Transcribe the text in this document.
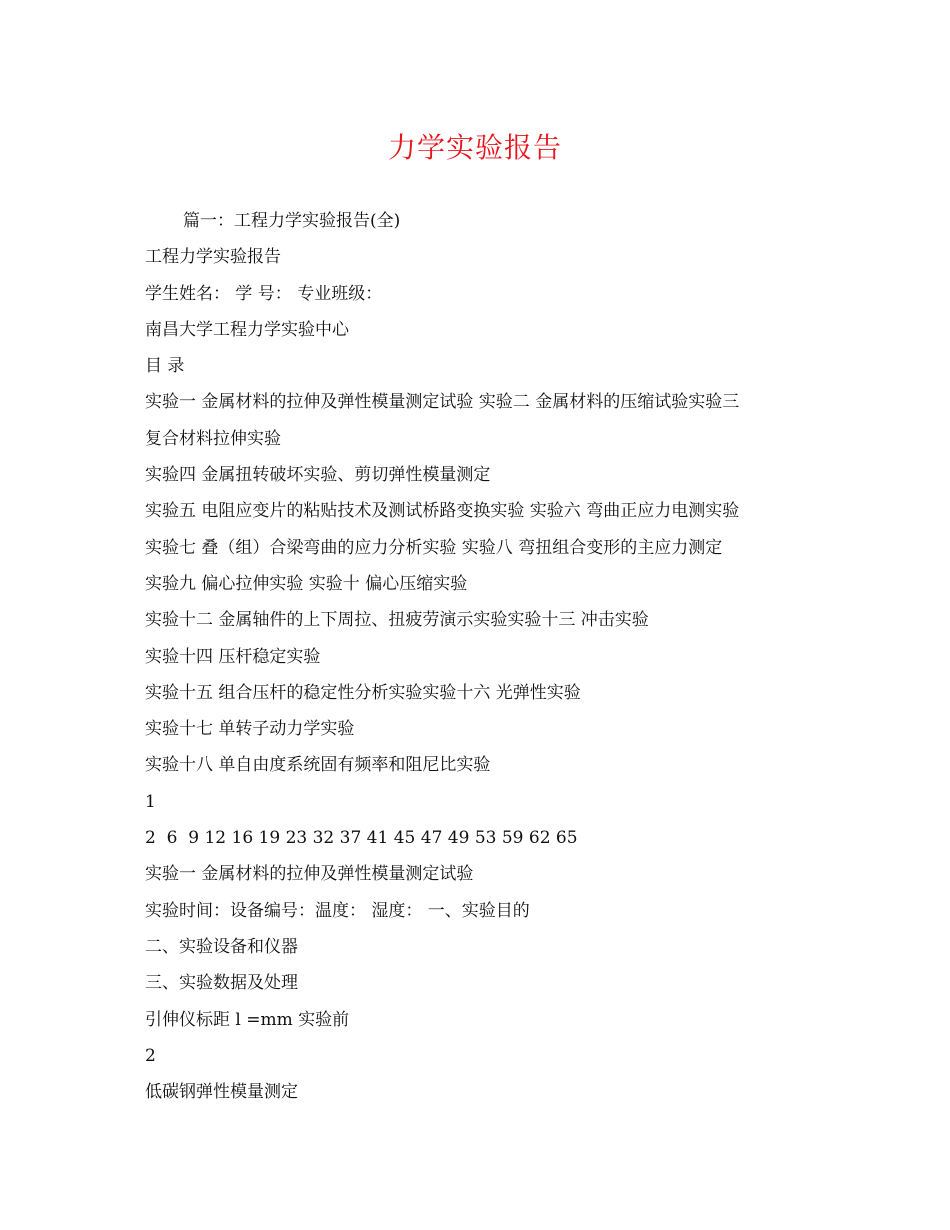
力学实验报告
篇一：工程力学实验报告(全)
工程力学实验报告
学生姓名： 学 号： 专业班级：
南昌大学工程力学实验中心
目 录
实验一 金属材料的拉伸及弹性模量测定试验 实验二 金属材料的压缩试验实验三
复合材料拉伸实验
实验四 金属扭转破坏实验、剪切弹性模量测定
实验五 电阻应变片的粘贴技术及测试桥路变换实验 实验六 弯曲正应力电测实验
实验七 叠（组）合梁弯曲的应力分析实验 实验八 弯扭组合变形的主应力测定
实验九 偏心拉伸实验 实验十 偏心压缩实验
实验十二 金属轴件的上下周拉、扭疲劳演示实验实验十三 冲击实验
实验十四 压杆稳定实验
实验十五 组合压杆的稳定性分析实验实验十六 光弹性实验
实验十七 单转子动力学实验
实验十八 单自由度系统固有频率和阻尼比实验
1
2  6  9 12 16 19 23 32 37 41 45 47 49 53 59 62 65
实验一 金属材料的拉伸及弹性模量测定试验
实验时间：设备编号：温度： 湿度： 一、实验目的
二、实验设备和仪器
三、实验数据及处理
引伸仪标距 l =mm 实验前
2
低碳钢弹性模量测定
